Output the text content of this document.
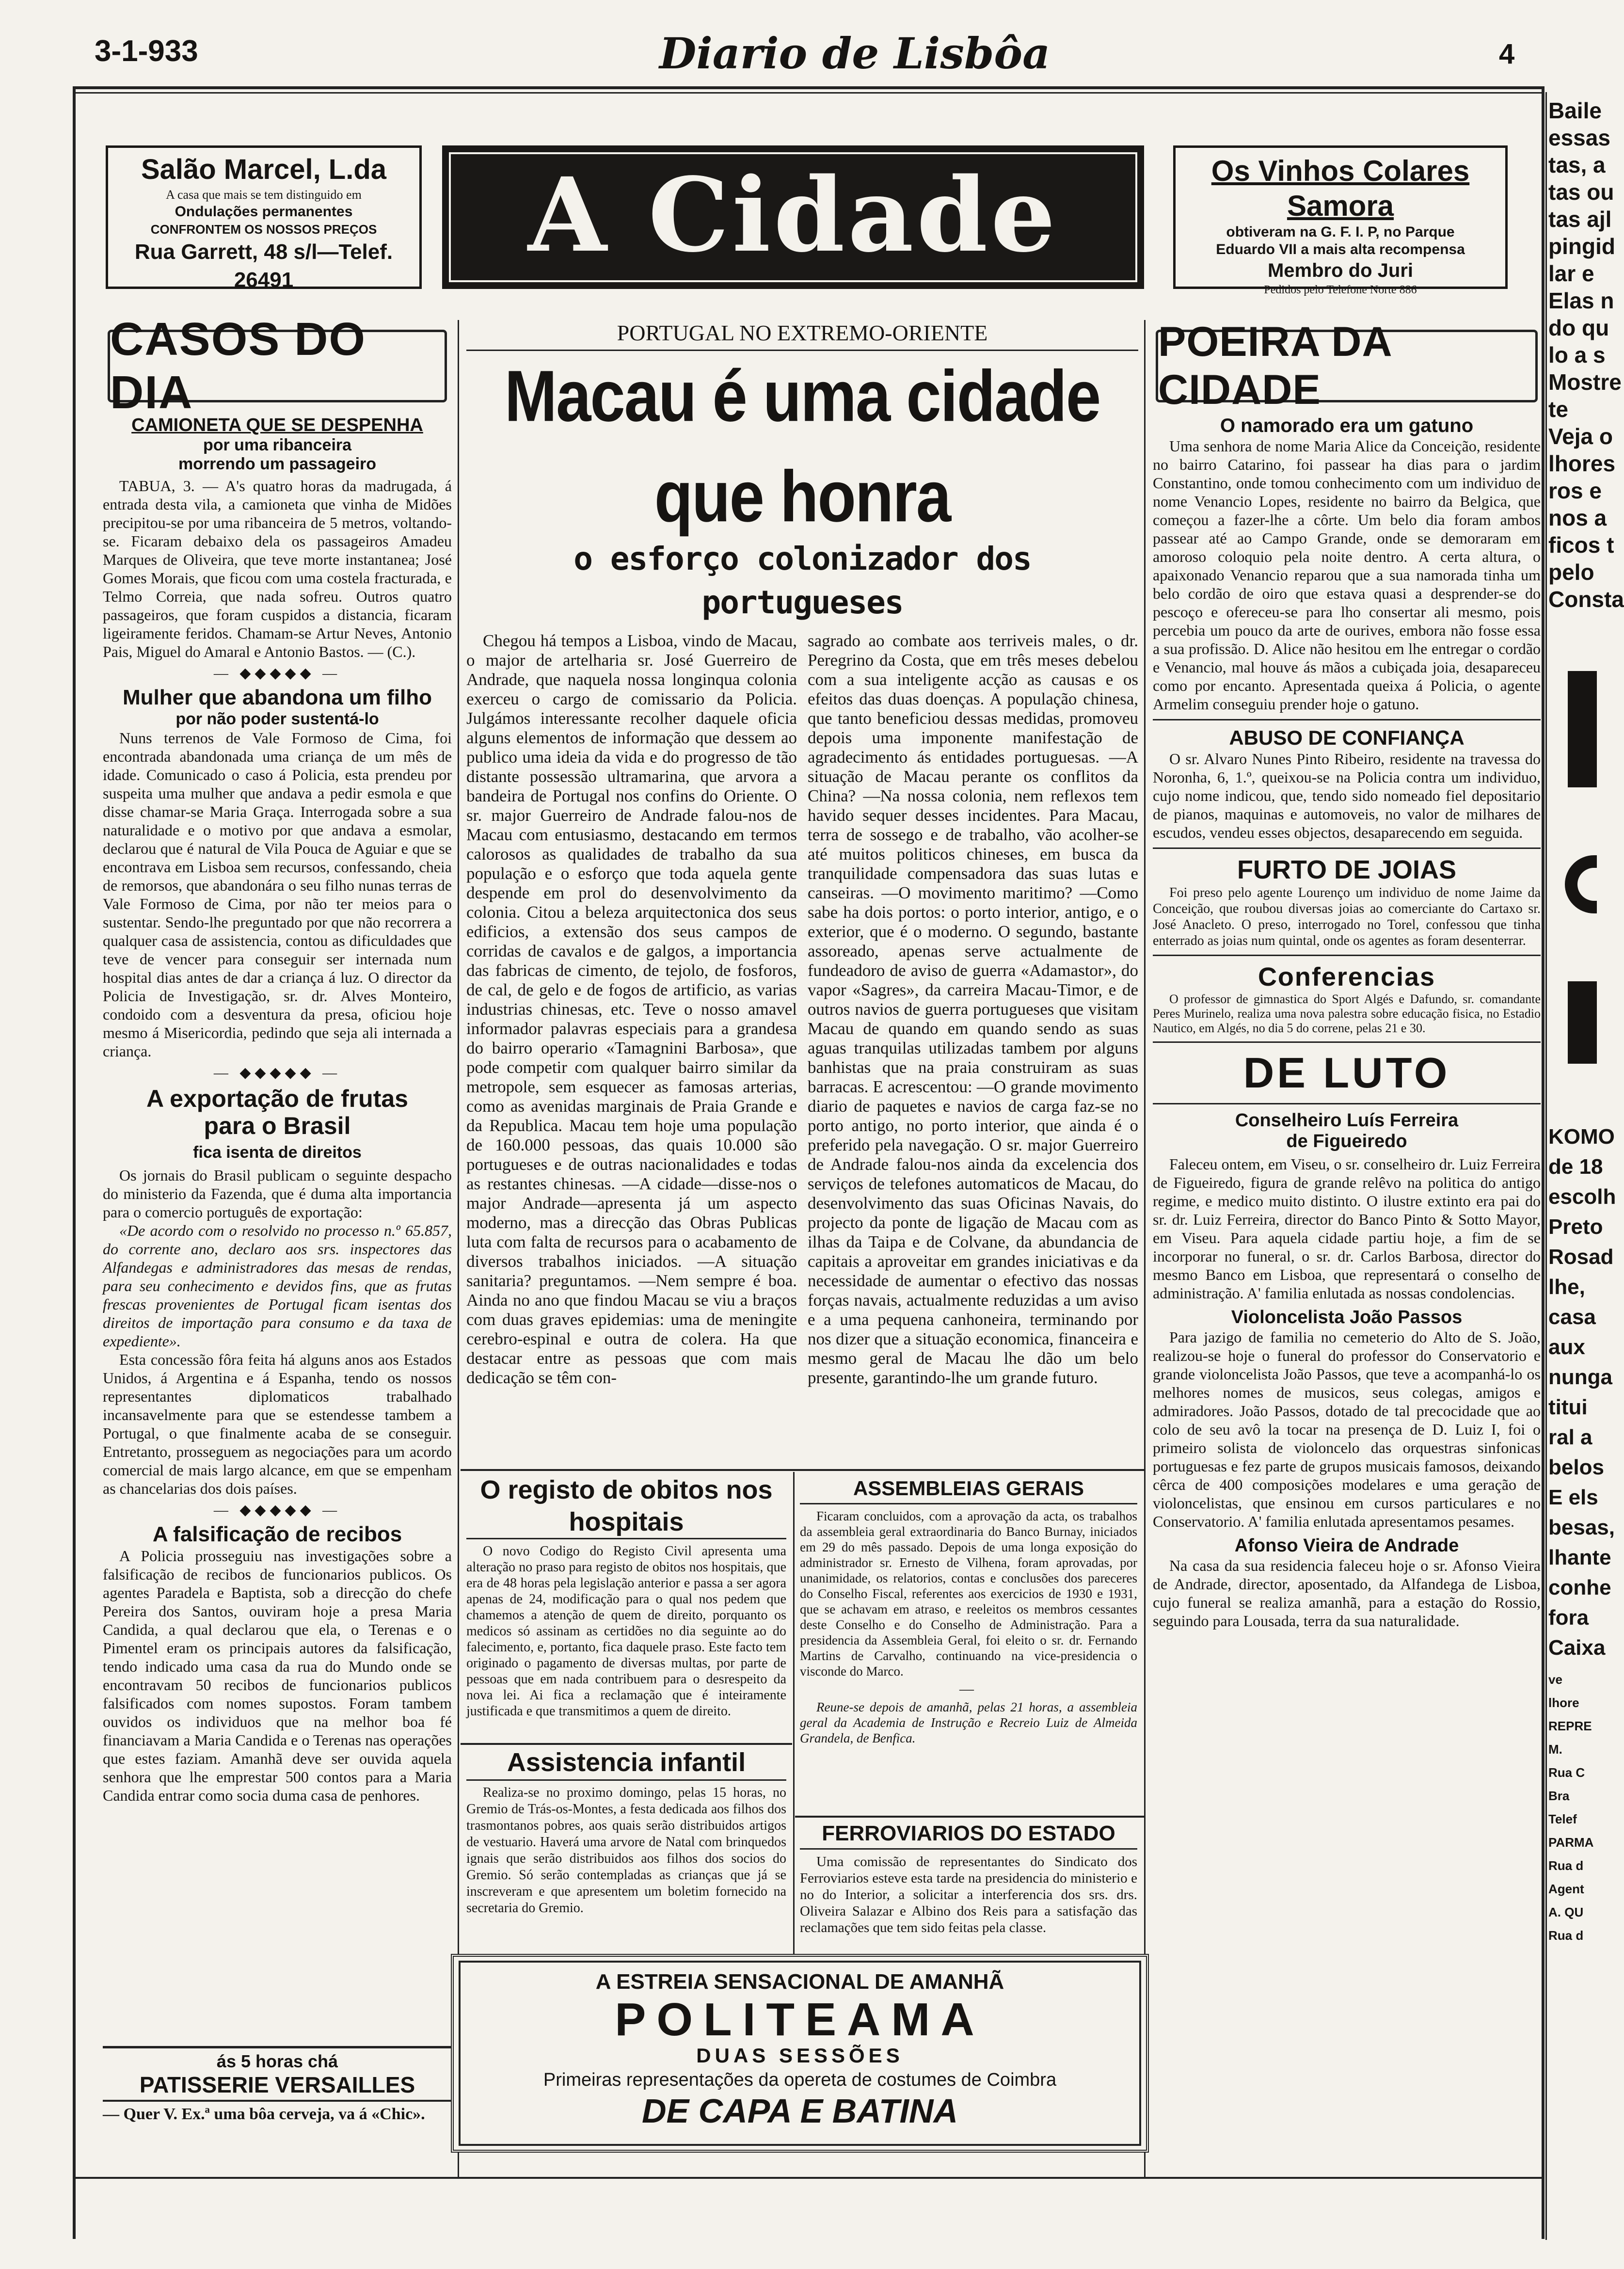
3-1-933	Diario de Lisbôa	4
Salão Marcel, L.da
A casa que mais se tem distinguido em
Ondulações permanentes
CONFRONTEM OS NOSSOS PREÇOS
Rua Garrett, 48 s/l—Telef. 26491
A Cidade	Os Vinhos Colares Samora
obtiveram na G. F. I. P, no Parque
Eduardo VII a mais alta recompensa
Membro do Juri
Pedidos pelo Telefone Norte 886
CASOS DO DIA
CAMIONETA QUE SE DESPENHA
por uma ribanceira
morrendo um passageiro
TABUA, 3. — A's quatro horas da madrugada, á entrada desta vila, a camioneta que vinha de Midões precipitou-se por uma ribanceira de 5 metros, voltando-se. Ficaram debaixo dela os passageiros Amadeu Marques de Oliveira, que teve morte instantanea; José Gomes Morais, que ficou com uma costela fracturada, e Telmo Correia, que nada sofreu. Outros quatro passageiros, que foram cuspidos a distancia, ficaram ligeiramente feridos. Chamam-se Artur Neves, Antonio Pais, Miguel do Amaral e Antonio Bastos. — (C.).
— ◆◆◆◆◆ —
Mulher que abandona um filho
por não poder sustentá-lo
Nuns terrenos de Vale Formoso de Cima, foi encontrada abandonada uma criança de um mês de idade. Comunicado o caso á Policia, esta prendeu por suspeita uma mulher que andava a pedir esmola e que disse chamar-se Maria Graça. Interrogada sobre a sua naturalidade e o motivo por que andava a esmolar, declarou que é natural de Vila Pouca de Aguiar e que se encontrava em Lisboa sem recursos, confessando, cheia de remorsos, que abandonára o seu filho nunas terras de Vale Formoso de Cima, por não ter meios para o sustentar. Sendo-lhe preguntado por que não recorrera a qualquer casa de assistencia, contou as dificuldades que teve de vencer para conseguir ser internada num hospital dias antes de dar a criança á luz. O director da Policia de Investigação, sr. dr. Alves Monteiro, condoido com a desventura da presa, oficiou hoje mesmo á Misericordia, pedindo que seja ali internada a criança.
— ◆◆◆◆◆ —
A exportação de frutas
para o Brasil
fica isenta de direitos
Os jornais do Brasil publicam o seguinte despacho do ministerio da Fazenda, que é duma alta importancia para o comercio português de exportação:
«De acordo com o resolvido no processo n.º 65.857, do corrente ano, declaro aos srs. inspectores das Alfandegas e administradores das mesas de rendas, para seu conhecimento e devidos fins, que as frutas frescas provenientes de Portugal ficam isentas dos direitos de importação para consumo e da taxa de expediente».
Esta concessão fôra feita há alguns anos aos Estados Unidos, á Argentina e á Espanha, tendo os nossos representantes diplomaticos trabalhado incansavelmente para que se estendesse tambem a Portugal, o que finalmente acaba de se conseguir. Entretanto, prosseguem as negociações para um acordo comercial de mais largo alcance, em que se empenham as chancelarias dos dois países.
— ◆◆◆◆◆ —
A falsificação de recibos
A Policia prosseguiu nas investigações sobre a falsificação de recibos de funcionarios publicos. Os agentes Paradela e Baptista, sob a direcção do chefe Pereira dos Santos, ouviram hoje a presa Maria Candida, a qual declarou que ela, o Terenas e o Pimentel eram os principais autores da falsificação, tendo indicado uma casa da rua do Mundo onde se encontravam 50 recibos de funcionarios publicos falsificados com nomes supostos. Foram tambem ouvidos os individuos que na melhor boa fé financiavam a Maria Candida e o Terenas nas operações que estes faziam. Amanhã deve ser ouvida aquela senhora que lhe emprestar 500 contos para a Maria Candida entrar como socia duma casa de penhores.
ás 5 horas chá
PATISSERIE VERSAILLES
— Quer V. Ex.ª uma bôa cerveja, va á «Chic».
PORTUGAL NO EXTREMO-ORIENTE
Macau é uma cidade que honra
o esforço colonizador dos portugueses
Chegou há tempos a Lisboa, vindo de Macau, o major de artelharia sr. José Guerreiro de Andrade, que naquela nossa longinqua colonia exerceu o cargo de comissario da Policia. Julgámos interessante recolher daquele oficia alguns elementos de informação que dessem ao publico uma ideia da vida e do progresso de tão distante possessão ultramarina, que arvora a bandeira de Portugal nos confins do Oriente. O sr. major Guerreiro de Andrade falou-nos de Macau com entusiasmo, destacando em termos calorosos as qualidades de trabalho da sua população e o esforço que toda aquela gente despende em prol do desenvolvimento da colonia. Citou a beleza arquitectonica dos seus edificios, a extensão dos seus campos de corridas de cavalos e de galgos, a importancia das fabricas de cimento, de tejolo, de fosforos, de cal, de gelo e de fogos de artificio, as varias industrias chinesas, etc. Teve o nosso amavel informador palavras especiais para a grandesa do bairro operario «Tamagnini Barbosa», que pode competir com qualquer bairro similar da metropole, sem esquecer as famosas arterias, como as avenidas marginais de Praia Grande e da Republica. Macau tem hoje uma população de 160.000 pessoas, das quais 10.000 são portugueses e de outras nacionalidades e todas as restantes chinesas. —A cidade—disse-nos o major Andrade—apresenta já um aspecto moderno, mas a direcção das Obras Publicas luta com falta de recursos para o acabamento de diversos trabalhos iniciados. —A situação sanitaria? preguntamos. —Nem sempre é boa. Ainda no ano que findou Macau se viu a braços com duas graves epidemias: uma de meningite cerebro-espinal e outra de colera. Ha que destacar entre as pessoas que com mais dedicação se têm con-
sagrado ao combate aos terriveis males, o dr. Peregrino da Costa, que em três meses debelou com a sua inteligente acção as causas e os efeitos das duas doenças. A população chinesa, que tanto beneficiou dessas medidas, promoveu depois uma imponente manifestação de agradecimento ás entidades portuguesas. —A situação de Macau perante os conflitos da China? —Na nossa colonia, nem reflexos tem havido sequer desses incidentes. Para Macau, terra de sossego e de trabalho, vão acolher-se até muitos politicos chineses, em busca da tranquilidade compensadora das suas lutas e canseiras. —O movimento maritimo? —Como sabe ha dois portos: o porto interior, antigo, e o exterior, que é o moderno. O segundo, bastante assoreado, apenas serve actualmente de fundeadoro de aviso de guerra «Adamastor», do vapor «Sagres», da carreira Macau-Timor, e de outros navios de guerra portugueses que visitam Macau de quando em quando sendo as suas aguas tranquilas utilizadas tambem por alguns banhistas que na praia construiram as suas barracas. E acrescentou: —O grande movimento diario de paquetes e navios de carga faz-se no porto antigo, no porto interior, que ainda é o preferido pela navegação. O sr. major Guerreiro de Andrade falou-nos ainda da excelencia dos serviços de telefones automaticos de Macau, do desenvolvimento das suas Oficinas Navais, do projecto da ponte de ligação de Macau com as ilhas da Taipa e de Colvane, da abundancia de capitais a aproveitar em grandes iniciativas e da necessidade de aumentar o efectivo das nossas forças navais, actualmente reduzidas a um aviso e a uma pequena canhoneira, terminando por nos dizer que a situação economica, financeira e mesmo geral de Macau lhe dão um belo presente, garantindo-lhe um grande futuro.
O registo de obitos nos hospitais
O novo Codigo do Registo Civil apresenta uma alteração no praso para registo de obitos nos hospitais, que era de 48 horas pela legislação anterior e passa a ser agora apenas de 24, modificação para o qual nos pedem que chamemos a atenção de quem de direito, porquanto os medicos só assinam as certidões no dia seguinte ao do falecimento, e, portanto, fica daquele praso. Este facto tem originado o pagamento de diversas multas, por parte de pessoas que em nada contribuem para o desrespeito da nova lei. Ai fica a reclamação que é inteiramente justificada e que transmitimos a quem de direito.
Assistencia infantil
Realiza-se no proximo domingo, pelas 15 horas, no Gremio de Trás-os-Montes, a festa dedicada aos filhos dos trasmontanos pobres, aos quais serão distribuidos artigos de vestuario. Haverá uma arvore de Natal com brinquedos ignais que serão distribuidos aos filhos dos socios do Gremio. Só serão contempladas as crianças que já se inscreveram e que apresentem um boletim fornecido na secretaria do Gremio.
ASSEMBLEIAS GERAIS
Ficaram concluidos, com a aprovação da acta, os trabalhos da assembleia geral extraordinaria do Banco Burnay, iniciados em 29 do mês passado. Depois de uma longa exposição do administrador sr. Ernesto de Vilhena, foram aprovadas, por unanimidade, os relatorios, contas e conclusões dos pareceres do Conselho Fiscal, referentes aos exercicios de 1930 e 1931, que se achavam em atraso, e reeleitos os membros cessantes deste Conselho e do Conselho de Administração. Para a presidencia da Assembleia Geral, foi eleito o sr. dr. Fernando Martins de Carvalho, continuando na vice-presidencia o visconde do Marco.
—
Reune-se depois de amanhã, pelas 21 horas, a assembleia geral da Academia de Instrução e Recreio Luiz de Almeida Grandela, de Benfica.
FERROVIARIOS DO ESTADO
Uma comissão de representantes do Sindicato dos Ferroviarios esteve esta tarde na presidencia do ministerio e no do Interior, a solicitar a interferencia dos srs. drs. Oliveira Salazar e Albino dos Reis para a satisfação das reclamações que tem sido feitas pela classe.
A ESTREIA SENSACIONAL DE AMANHÃ
POLITEAMA
DUAS SESSÕES
Primeiras representações da opereta de costumes de Coimbra
DE CAPA E BATINA
POEIRA DA CIDADE
O namorado era um gatuno
Uma senhora de nome Maria Alice da Conceição, residente no bairro Catarino, foi passear ha dias para o jardim Constantino, onde tomou conhecimento com um individuo de nome Venancio Lopes, residente no bairro da Belgica, que começou a fazer-lhe a côrte. Um belo dia foram ambos passear até ao Campo Grande, onde se demoraram em amoroso coloquio pela noite dentro. A certa altura, o apaixonado Venancio reparou que a sua namorada tinha um belo cordão de oiro que estava quasi a desprender-se do pescoço e ofereceu-se para lho consertar ali mesmo, pois percebia um pouco da arte de ourives, embora não fosse essa a sua profissão. D. Alice não hesitou em lhe entregar o cordão e Venancio, mal houve ás mãos a cubiçada joia, desapareceu como por encanto. Apresentada queixa á Policia, o agente Armelim conseguiu prender hoje o gatuno.
ABUSO DE CONFIANÇA
O sr. Alvaro Nunes Pinto Ribeiro, residente na travessa do Noronha, 6, 1.º, queixou-se na Policia contra um individuo, cujo nome indicou, que, tendo sido nomeado fiel depositario de pianos, maquinas e automoveis, no valor de milhares de escudos, vendeu esses objectos, desaparecendo em seguida.
FURTO DE JOIAS
Foi preso pelo agente Lourenço um individuo de nome Jaime da Conceição, que roubou diversas joias ao comerciante do Cartaxo sr. José Anacleto. O preso, interrogado no Torel, confessou que tinha enterrado as joias num quintal, onde os agentes as foram desenterrar.
Conferencias
O professor de gimnastica do Sport Algés e Dafundo, sr. comandante Peres Murinelo, realiza uma nova palestra sobre educação fisica, no Estadio Nautico, em Algés, no dia 5 do correne, pelas 21 e 30.
DE LUTO
Conselheiro Luís Ferreira
de Figueiredo
Faleceu ontem, em Viseu, o sr. conselheiro dr. Luiz Ferreira de Figueiredo, figura de grande relêvo na politica do antigo regime, e medico muito distinto. O ilustre extinto era pai do sr. dr. Luiz Ferreira, director do Banco Pinto & Sotto Mayor, em Viseu. Para aquela cidade partiu hoje, a fim de se incorporar no funeral, o sr. dr. Carlos Barbosa, director do mesmo Banco em Lisboa, que representará o conselho de administração. A' familia enlutada as nossas condolencias.
Violoncelista João Passos
Para jazigo de familia no cemeterio do Alto de S. João, realizou-se hoje o funeral do professor do Conservatorio e grande violoncelista João Passos, que teve a acompanhá-lo os melhores nomes de musicos, seus colegas, amigos e admiradores. João Passos, dotado de tal precocidade que ao colo de seu avô la tocar na presença de D. Luiz I, foi o primeiro solista de violoncelo das orquestras sinfonicas portuguesas e fez parte de grupos musicais famosos, deixando cêrca de 400 composições modelares e uma geração de violoncelistas, que ensinou em cursos particulares e no Conservatorio. A' familia enlutada apresentamos pesames.
Afonso Vieira de Andrade
Na casa da sua residencia faleceu hoje o sr. Afonso Vieira de Andrade, director, aposentado, da Alfandega de Lisboa, cujo funeral se realiza amanhã, para a estação do Rossio, seguindo para Lousada, terra da sua naturalidade.
Baile
essas
tas, a
tas ou
tas ajl
pingid
lar e
Elas n
do qu
lo a s
Mostre
te
Veja o
lhores
ros e
nos a
ficos t
pelo
Consta
KOMO
de 18
escolh
Preto
Rosad
lhe,
casa
aux
nunga
titui
ral a
belos
E els
besas,
lhante
conhe
fora
Caixa
ve
lhore
REPRE
M.
Rua C
Bra
Telef
PARMA
Rua d
Agent
A. QU
Rua d
